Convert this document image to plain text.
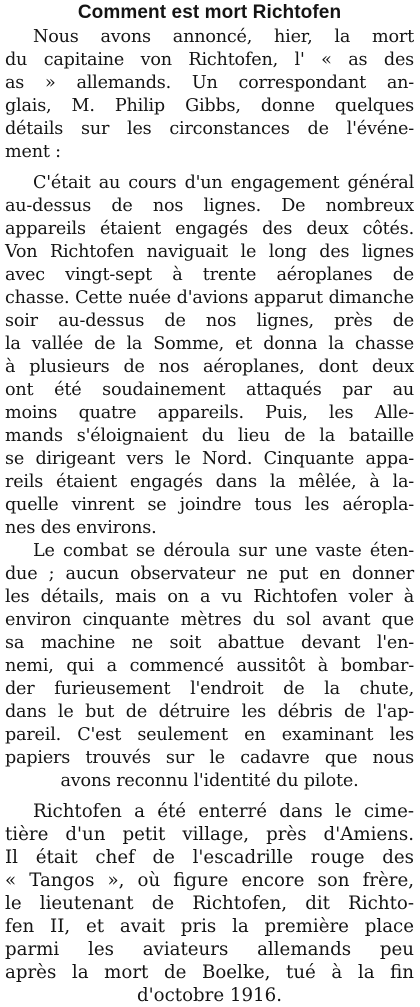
Comment est mort Richtofen
Nous avons annoncé, hier, la mort
du capitaine von Richtofen, l' « as des
as » allemands. Un correspondant an-
glais, M. Philip Gibbs, donne quelques
détails sur les circonstances de l'événe-
ment :
C'était au cours d'un engagement général
au-dessus de nos lignes. De nombreux
appareils étaient engagés des deux côtés.
Von Richtofen naviguait le long des lignes
avec vingt-sept à trente aéroplanes de
chasse. Cette nuée d'avions apparut dimanche
soir au-dessus de nos lignes, près de
la vallée de la Somme, et donna la chasse
à plusieurs de nos aéroplanes, dont deux
ont été soudainement attaqués par au
moins quatre appareils. Puis, les Alle-
mands s'éloignaient du lieu de la bataille
se dirigeant vers le Nord. Cinquante appa-
reils étaient engagés dans la mêlée, à la-
quelle vinrent se joindre tous les aéropla-
nes des environs.
Le combat se déroula sur une vaste éten-
due ; aucun observateur ne put en donner
les détails, mais on a vu Richtofen voler à
environ cinquante mètres du sol avant que
sa machine ne soit abattue devant l'en-
nemi, qui a commencé aussitôt à bombar-
der furieusement l'endroit de la chute,
dans le but de détruire les débris de l'ap-
pareil. C'est seulement en examinant les
papiers trouvés sur le cadavre que nous
avons reconnu l'identité du pilote.
Richtofen a été enterré dans le cime-
tière d'un petit village, près d'Amiens.
Il était chef de l'escadrille rouge des
« Tangos », où figure encore son frère,
le lieutenant de Richtofen, dit Richto-
fen II, et avait pris la première place
parmi les aviateurs allemands peu
après la mort de Boelke, tué à la fin
d'octobre 1916.
